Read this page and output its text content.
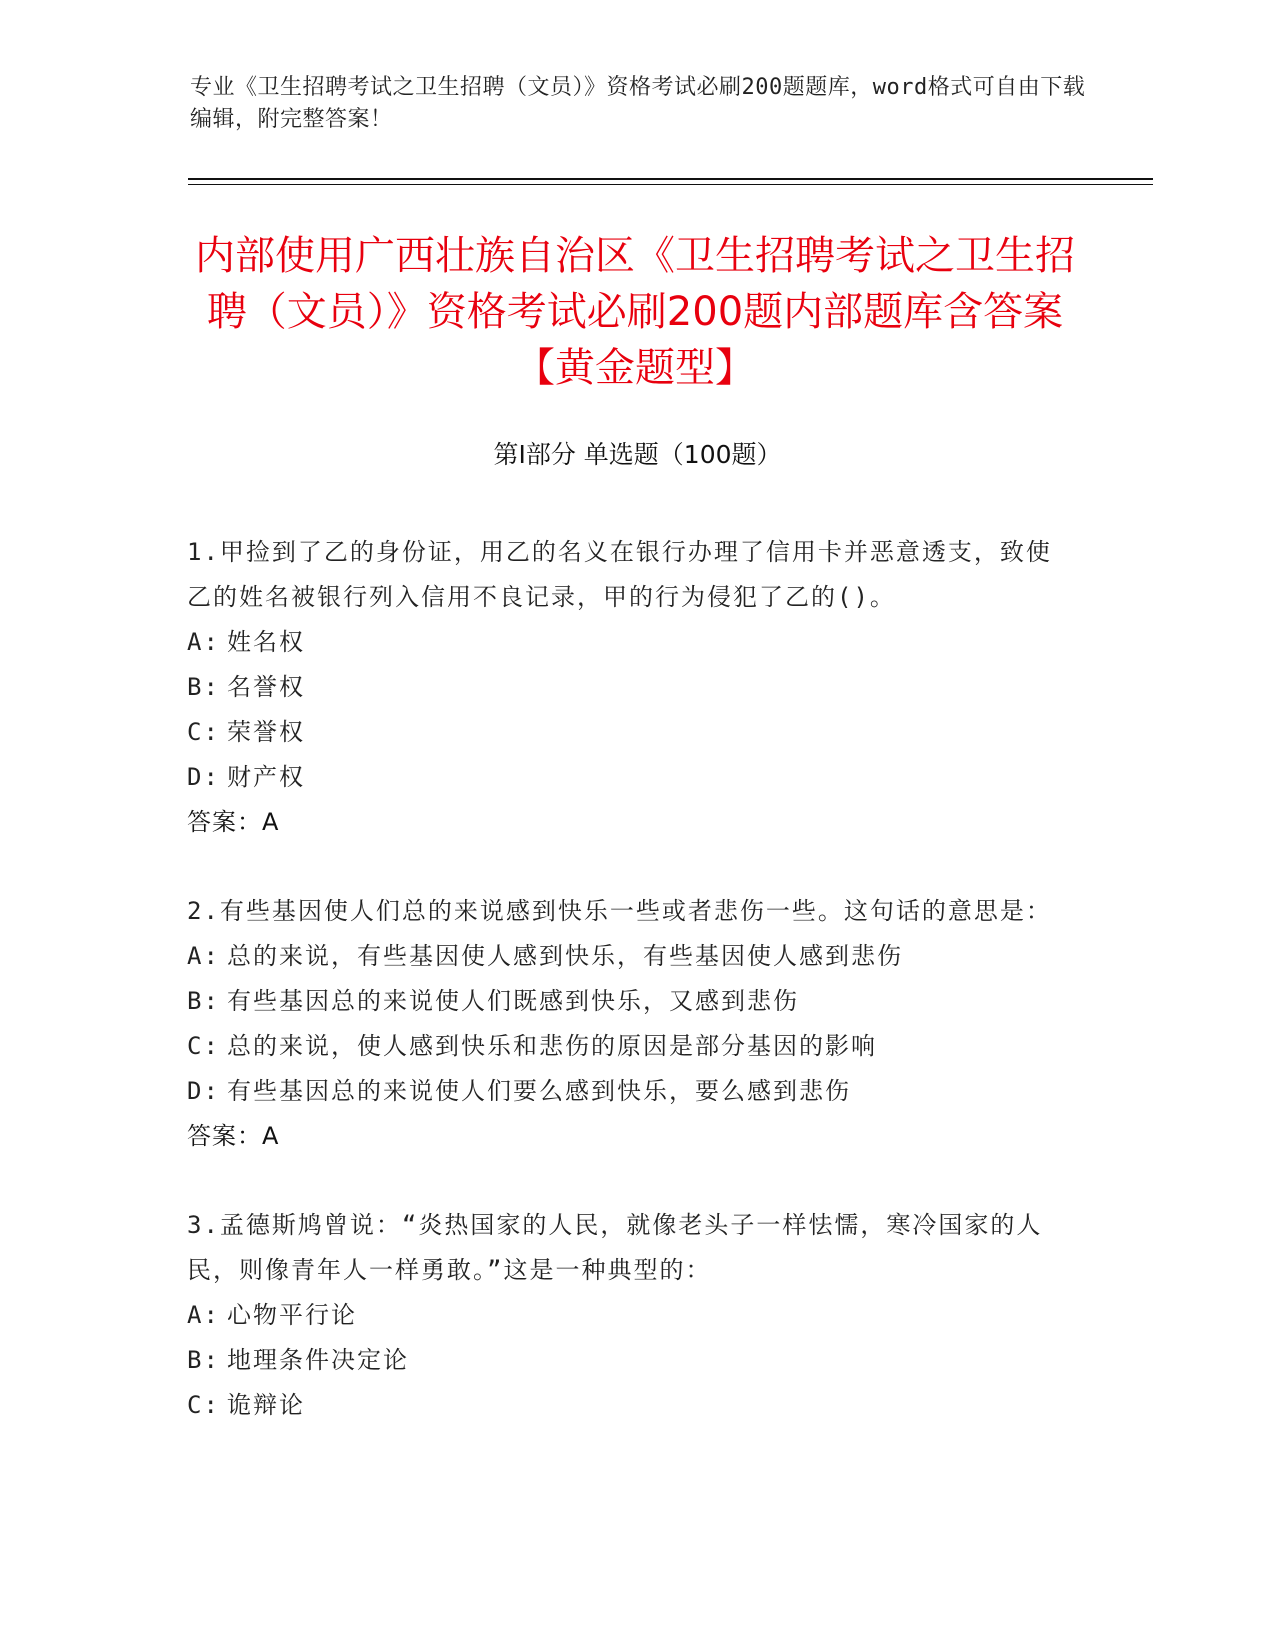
专业《卫生招聘考试之卫生招聘（文员）》资格考试必刷200题题库，word格式可自由下载编辑，附完整答案！
内部使用广西壮族自治区《卫生招聘考试之卫生招聘（文员）》资格考试必刷200题内部题库含答案【黄金题型】
第Ⅰ部分 单选题（100题）
1.甲捡到了乙的身份证，用乙的名义在银行办理了信用卡并恶意透支，致使乙的姓名被银行列入信用不良记录，甲的行为侵犯了乙的()。
A: 姓名权
B: 名誉权
C: 荣誉权
D: 财产权
答案：A
2.有些基因使人们总的来说感到快乐一些或者悲伤一些。这句话的意思是：
A: 总的来说，有些基因使人感到快乐，有些基因使人感到悲伤
B: 有些基因总的来说使人们既感到快乐，又感到悲伤
C: 总的来说，使人感到快乐和悲伤的原因是部分基因的影响
D: 有些基因总的来说使人们要么感到快乐，要么感到悲伤
答案：A
3.孟德斯鸠曾说：“炎热国家的人民，就像老头子一样怯懦，寒冷国家的人民，则像青年人一样勇敢。”这是一种典型的：
A: 心物平行论
B: 地理条件决定论
C: 诡辩论
